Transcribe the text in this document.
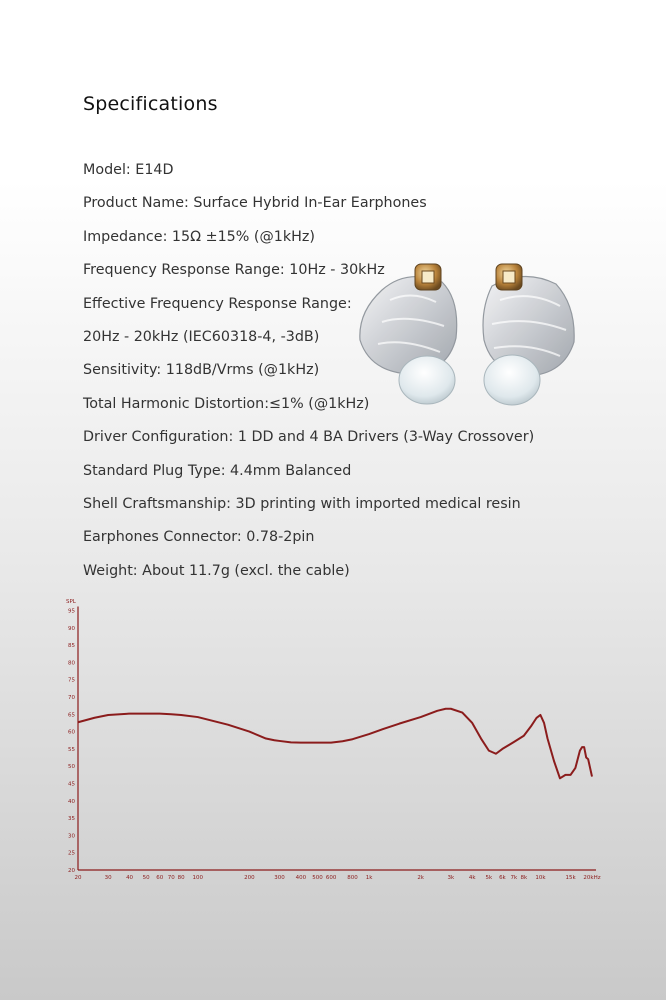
Specifications
Model: E14D
Product Name: Surface Hybrid In-Ear Earphones
Impedance: 15Ω ±15% (@1kHz)
Frequency Response Range: 10Hz - 30kHz
Effective Frequency Response Range:
20Hz - 20kHz (IEC60318-4, -3dB)
Sensitivity: 118dB/Vrms (@1kHz)
Total Harmonic Distortion:≤1% (@1kHz)
Driver Configuration: 1 DD and 4 BA Drivers (3-Way Crossover)
Standard Plug Type: 4.4mm Balanced
Shell Craftsmanship: 3D printing with imported medical resin
Earphones Connector: 0.78-2pin
Weight: About 11.7g (excl. the cable)
SPL
95
90
85
80
75
70
65
60
55
50
45
40
35
30
25
20
20	30	40 50 60 70 80 100	200	300 400 500 600 800 1k	2k	3k	4k 5k 6k 7k 8k 10k	15k 20kHz
